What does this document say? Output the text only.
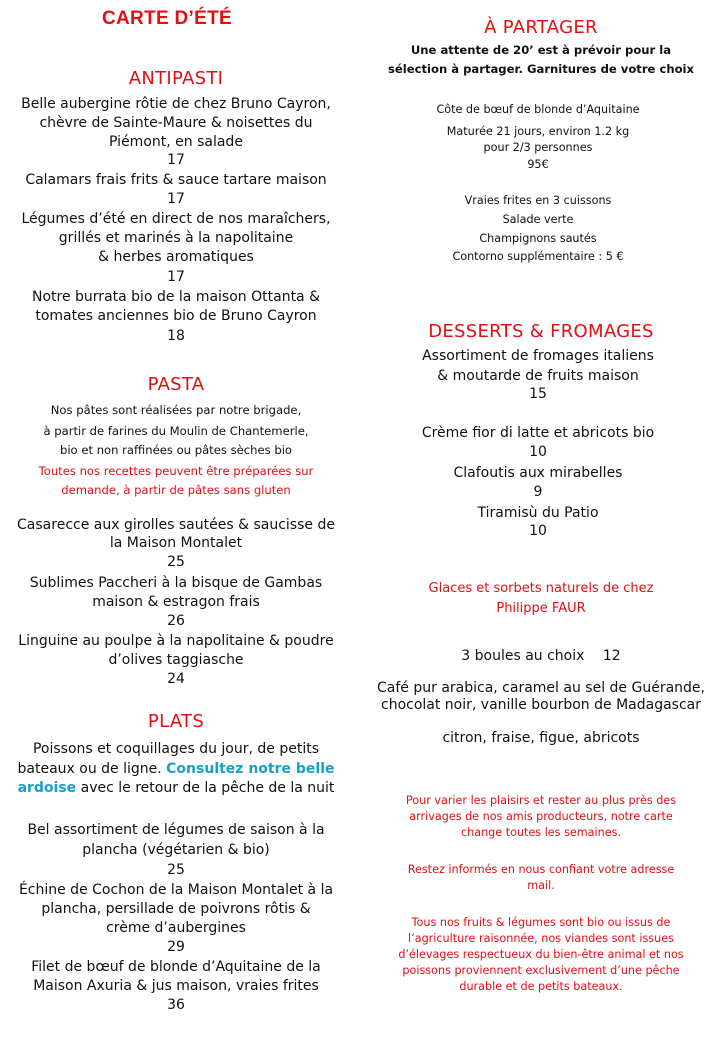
CARTE D’ÉTÉ
ANTIPASTI
Belle aubergine rôtie de chez Bruno Cayron,
chèvre de Sainte-Maure & noisettes du
Piémont, en salade
17
Calamars frais frits & sauce tartare maison
17
Légumes d’été en direct de nos maraîchers,
grillés et marinés à la napolitaine
& herbes aromatiques
17
Notre burrata bio de la maison Ottanta &
tomates anciennes bio de Bruno Cayron
18
PASTA
Nos pâtes sont réalisées par notre brigade,
à partir de farines du Moulin de Chantemerle,
bio et non raffinées ou pâtes sèches bio
Toutes nos recettes peuvent être préparées sur
demande, à partir de pâtes sans gluten
Casarecce aux girolles sautées & saucisse de
la Maison Montalet
25
Sublimes Paccheri à la bisque de Gambas
maison & estragon frais
26
Linguine au poulpe à la napolitaine & poudre
d’olives taggiasche
24
PLATS
Poissons et coquillages du jour, de petits
bateaux ou de ligne. Consultez notre belle
ardoise avec le retour de la pêche de la nuit
Bel assortiment de légumes de saison à la
plancha (végétarien & bio)
25
Échine de Cochon de la Maison Montalet à la
plancha, persillade de poivrons rôtis &
crème d’aubergines
29
Filet de bœuf de blonde d’Aquitaine de la
Maison Axuria & jus maison, vraies frites
36
À PARTAGER
Une attente de 20’ est à prévoir pour la
sélection à partager. Garnitures de votre choix
Côte de bœuf de blonde d’Aquitaine
Maturée 21 jours, environ 1.2 kg
pour 2/3 personnes
95€
Vraies frites en 3 cuissons
Salade verte
Champignons sautés
Contorno supplémentaire : 5 €
DESSERTS & FROMAGES
Assortiment de fromages italiens
& moutarde de fruits maison
15
Crème fior di latte et abricots bio
10
Clafoutis aux mirabelles
9
Tiramisù du Patio
10
Glaces et sorbets naturels de chez
Philippe FAUR
3 boules au choix 12
Café pur arabica, caramel au sel de Guérande,
chocolat noir, vanille bourbon de Madagascar
citron, fraise, figue, abricots
Pour varier les plaisirs et rester au plus près des
arrivages de nos amis producteurs, notre carte
change toutes les semaines.
Restez informés en nous confiant votre adresse
mail.
Tous nos fruits & légumes sont bio ou issus de
l’agriculture raisonnée, nos viandes sont issues
d’élevages respectueux du bien-être animal et nos
poissons proviennent exclusivement d’une pêche
durable et de petits bateaux.
